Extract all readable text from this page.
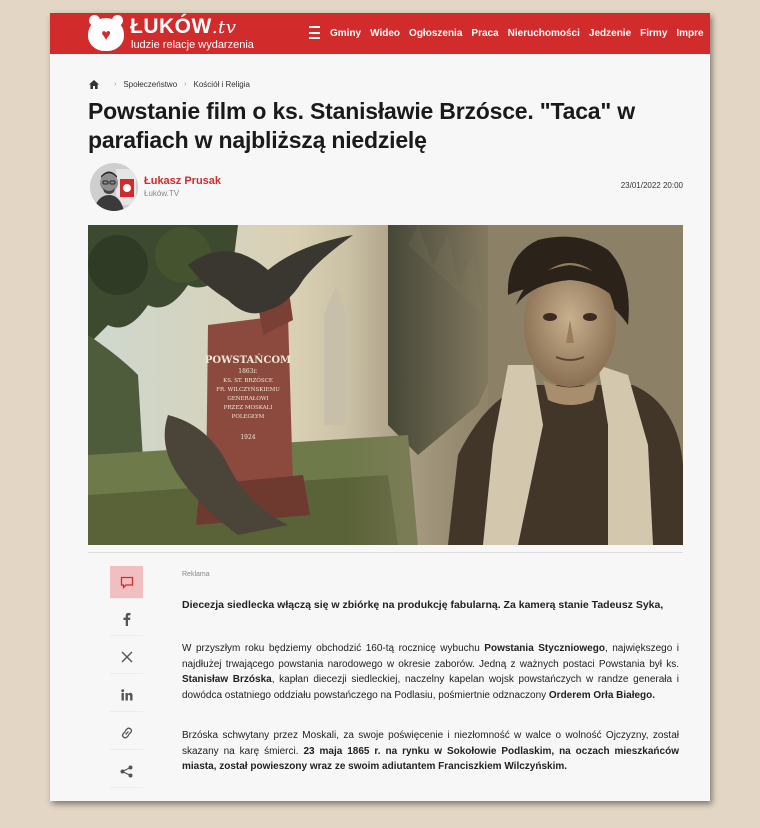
♥ ŁUKÓW.tv
ludzie relacje wydarzenia
Gminy Wideo Ogłoszenia Praca Nieruchomości Jedzenie Firmy Impre
› Społeczeństwo › Kościół i Religia
Powstanie film o ks. Stanisławie Brzósce. "Taca" w parafiach w najbliższą niedzielę
Łukasz Prusak
Łuków.TV
23/01/2022 20:00
POWSTAŃCOM
1863r.
KS. ST. BRZÓSCE
FR. WILCZYŃSKIEMU
GENERAŁOWI
PRZEZ MOSKALI
POLEGŁYM
1924
Reklama

Diecezja siedlecka włączą się w zbiórkę na produkcję fabularną. Za kamerą stanie Tadeusz Syka,

W przyszłym roku będziemy obchodzić 160-tą rocznicę wybuchu Powstania Styczniowego, największego i najdłużej trwającego powstania narodowego w okresie zaborów. Jedną z ważnych postaci Powstania był ks. Stanisław Brzóska, kapłan diecezji siedleckiej, naczelny kapelan wojsk powstańczych w randze generała i dowódca ostatniego oddziału powstańczego na Podlasiu, pośmiertnie odznaczony Orderem Orła Białego.

Brzóska schwytany przez Moskali, za swoje poświęcenie i niezłomność w walce o wolność Ojczyzny, został skazany na karę śmierci. 23 maja 1865 r. na rynku w Sokołowie Podlaskim, na oczach mieszkańców miasta, został powieszony wraz ze swoim adiutantem Franciszkiem Wilczyńskim.
